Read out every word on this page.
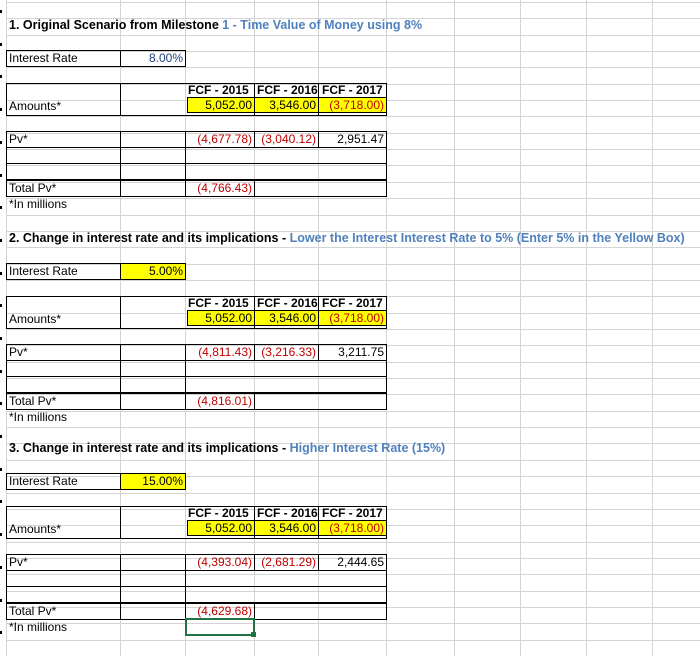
1. Original Scenario from Milestone 1 - Time Value of Money using 8%
Interest Rate	8.00%
FCF - 2015 FCF - 2016 FCF - 2017
Amounts*	5,052.00	3,546.00	(3,718.00)
Pv*	(4,677.78) (3,040.12)	2,951.47
Total Pv*	(4,766.43)
*In millions
2. Change in interest rate and its implications - Lower the Interest Interest Rate to 5% (Enter 5% in the Yellow Box)
Interest Rate	5.00%
FCF - 2015 FCF - 2016 FCF - 2017
Amounts*	5,052.00	3,546.00	(3,718.00)
Pv*	(4,811.43) (3,216.33)	3,211.75
Total Pv*	(4,816.01)
*In millions
3. Change in interest rate and its implications - Higher Interest Rate (15%)
Interest Rate	15.00%
FCF - 2015 FCF - 2016 FCF - 2017
Amounts*	5,052.00	3,546.00	(3,718.00)
Pv*	(4,393.04) (2,681.29)	2,444.65
Total Pv*	(4,629.68)
*In millions
